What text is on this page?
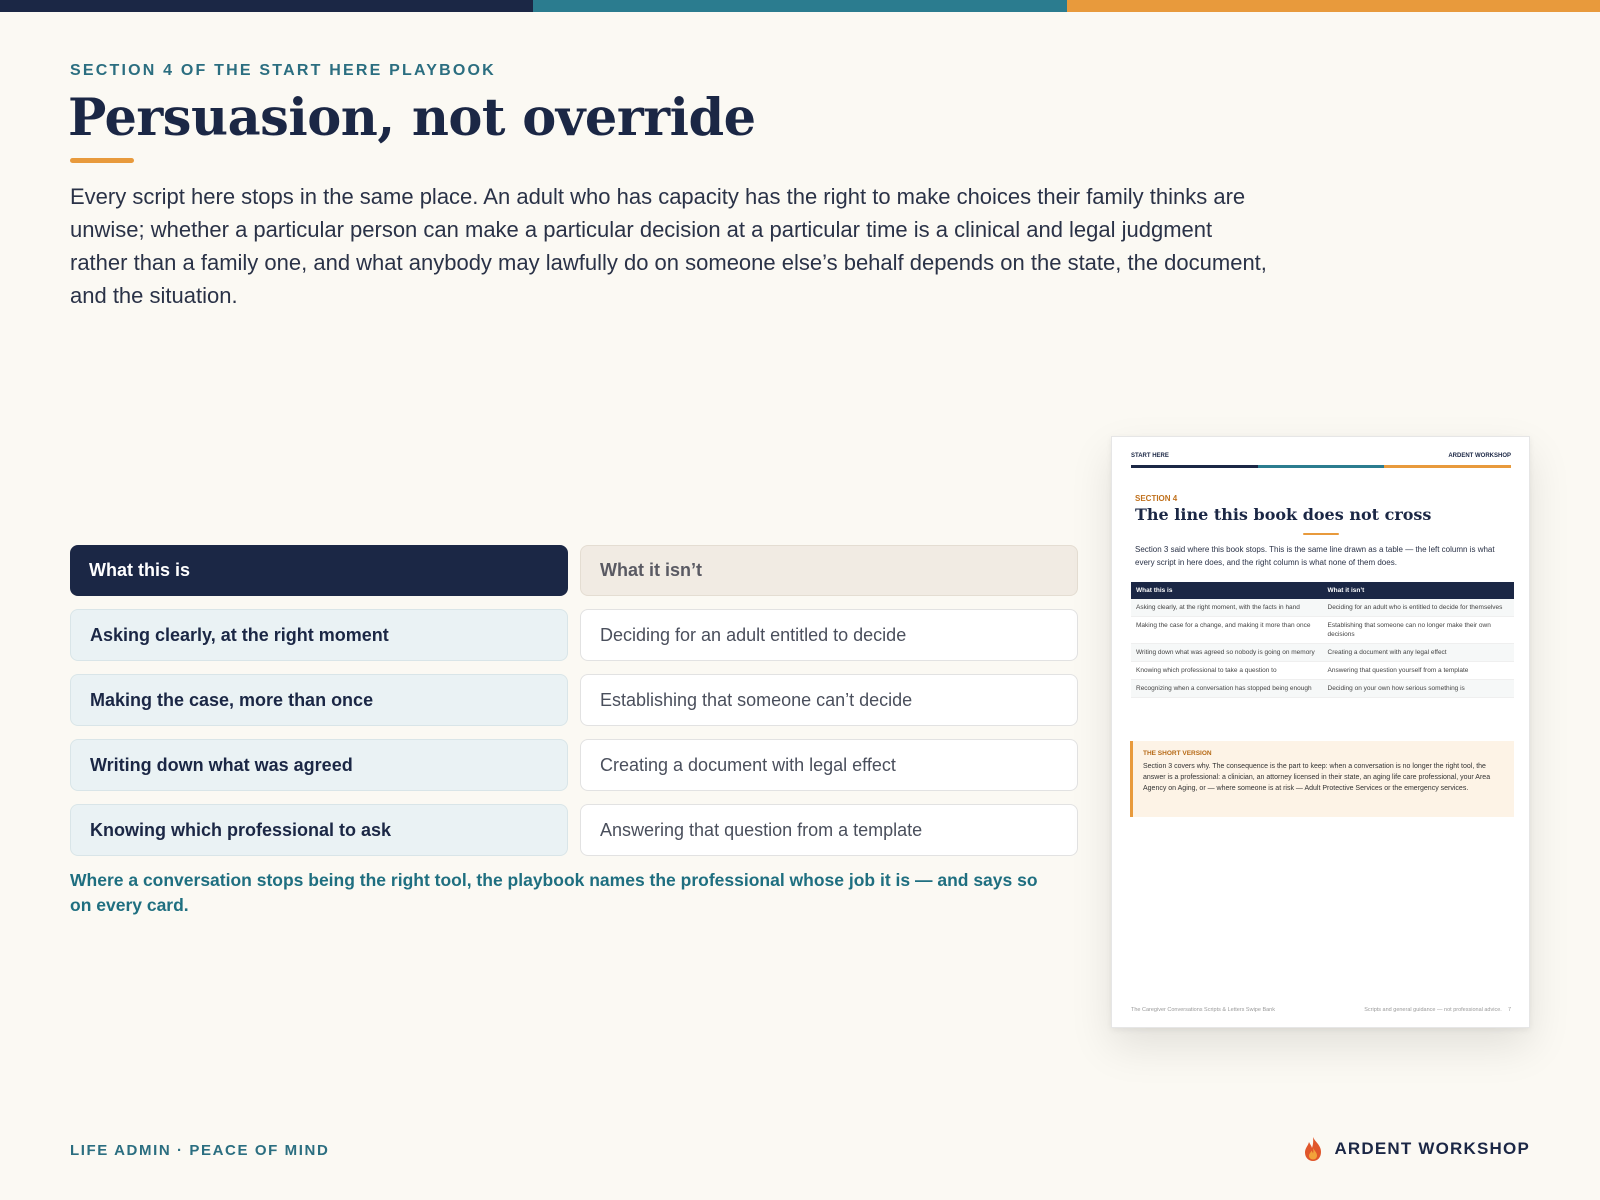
SECTION 4 OF THE START HERE PLAYBOOK
Persuasion, not override

Every script here stops in the same place. An adult who has capacity has the right to make choices their family thinks are unwise; whether a particular person can make a particular decision at a particular time is a clinical and legal judgment rather than a family one, and what anybody may lawfully do on someone else’s behalf depends on the state, the document, and the situation.

What this is	What it isn’t
Asking clearly, at the right moment	Deciding for an adult entitled to decide
Making the case, more than once	Establishing that someone can’t decide
Writing down what was agreed	Creating a document with legal effect
Knowing which professional to ask	Answering that question from a template

Where a conversation stops being the right tool, the playbook names the professional whose job it is — and says so on every card.

START HERE	ARDENT WORKSHOP
SECTION 4
The line this book does not cross
Section 3 said where this book stops. This is the same line drawn as a table — the left column is what every script in here does, and the right column is what none of them does.
What this is	What it isn’t
Asking clearly, at the right moment, with the facts in hand	Deciding for an adult who is entitled to decide for themselves
Making the case for a change, and making it more than once	Establishing that someone can no longer make their own decisions
Writing down what was agreed so nobody is going on memory	Creating a document with any legal effect
Knowing which professional to take a question to	Answering that question yourself from a template
Recognizing when a conversation has stopped being enough	Deciding on your own how serious something is
THE SHORT VERSION
Section 3 covers why. The consequence is the part to keep: when a conversation is no longer the right tool, the answer is a professional: a clinician, an attorney licensed in their state, an aging life care professional, your Area Agency on Aging, or — where someone is at risk — Adult Protective Services or the emergency services.
The Caregiver Conversations Scripts & Letters Swipe Bank	Scripts and general guidance — not professional advice. 7
LIFE ADMIN · PEACE OF MIND	ARDENT WORKSHOP
